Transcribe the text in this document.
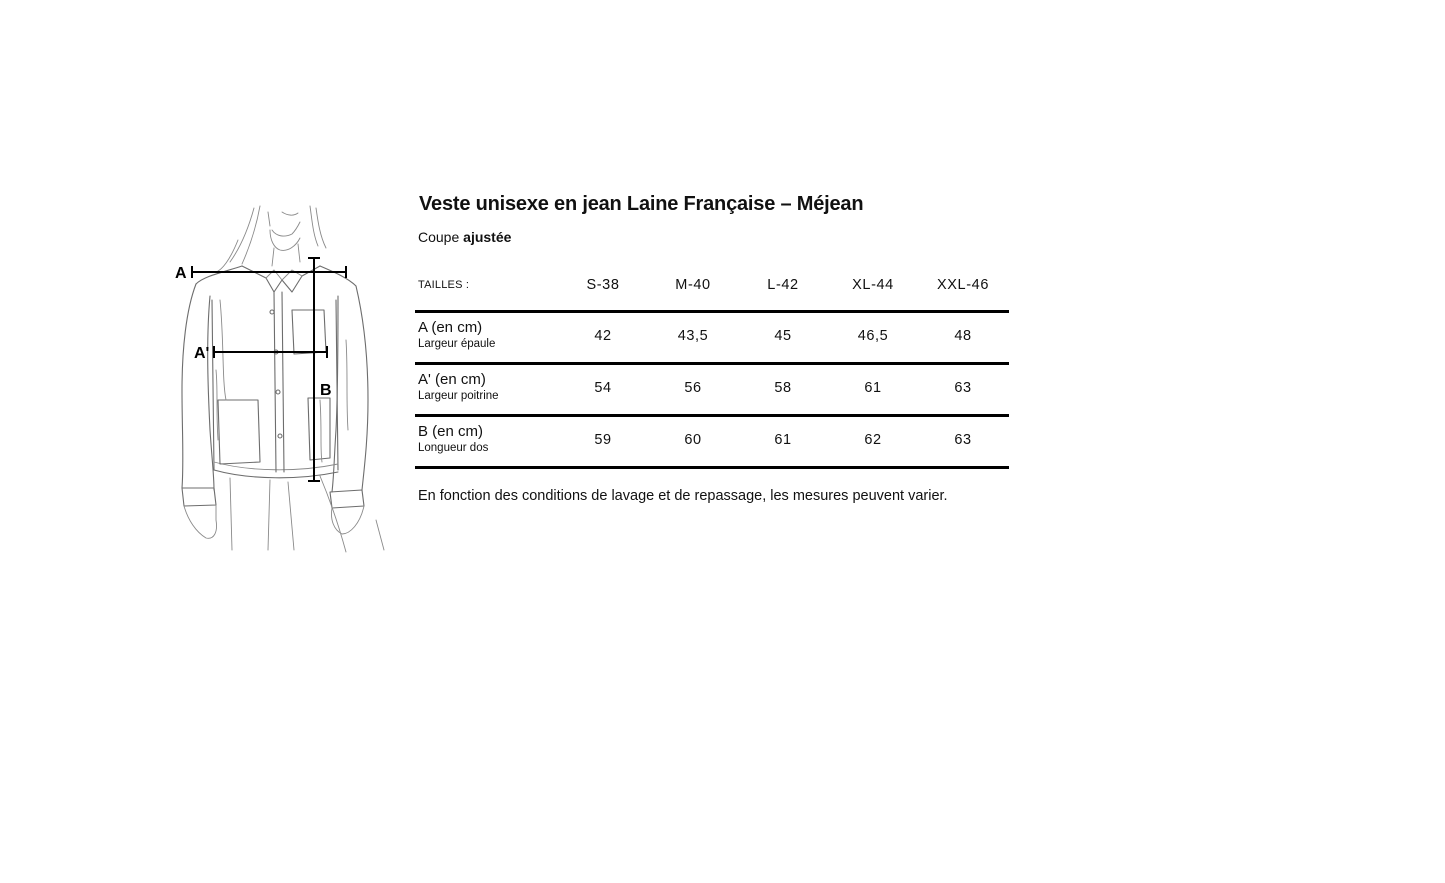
A
A'
B
Veste unisexe en jean Laine Française – Méjean
Coupe ajustée
TAILLES :	S-38	M-40	L-42	XL-44	XXL-46
A (en cm)
Largeur épaule	42	43,5	45	46,5	48
A' (en cm)
Largeur poitrine	54	56	58	61	63
B (en cm)
Longueur dos	59	60	61	62	63
En fonction des conditions de lavage et de repassage, les mesures peuvent varier.
